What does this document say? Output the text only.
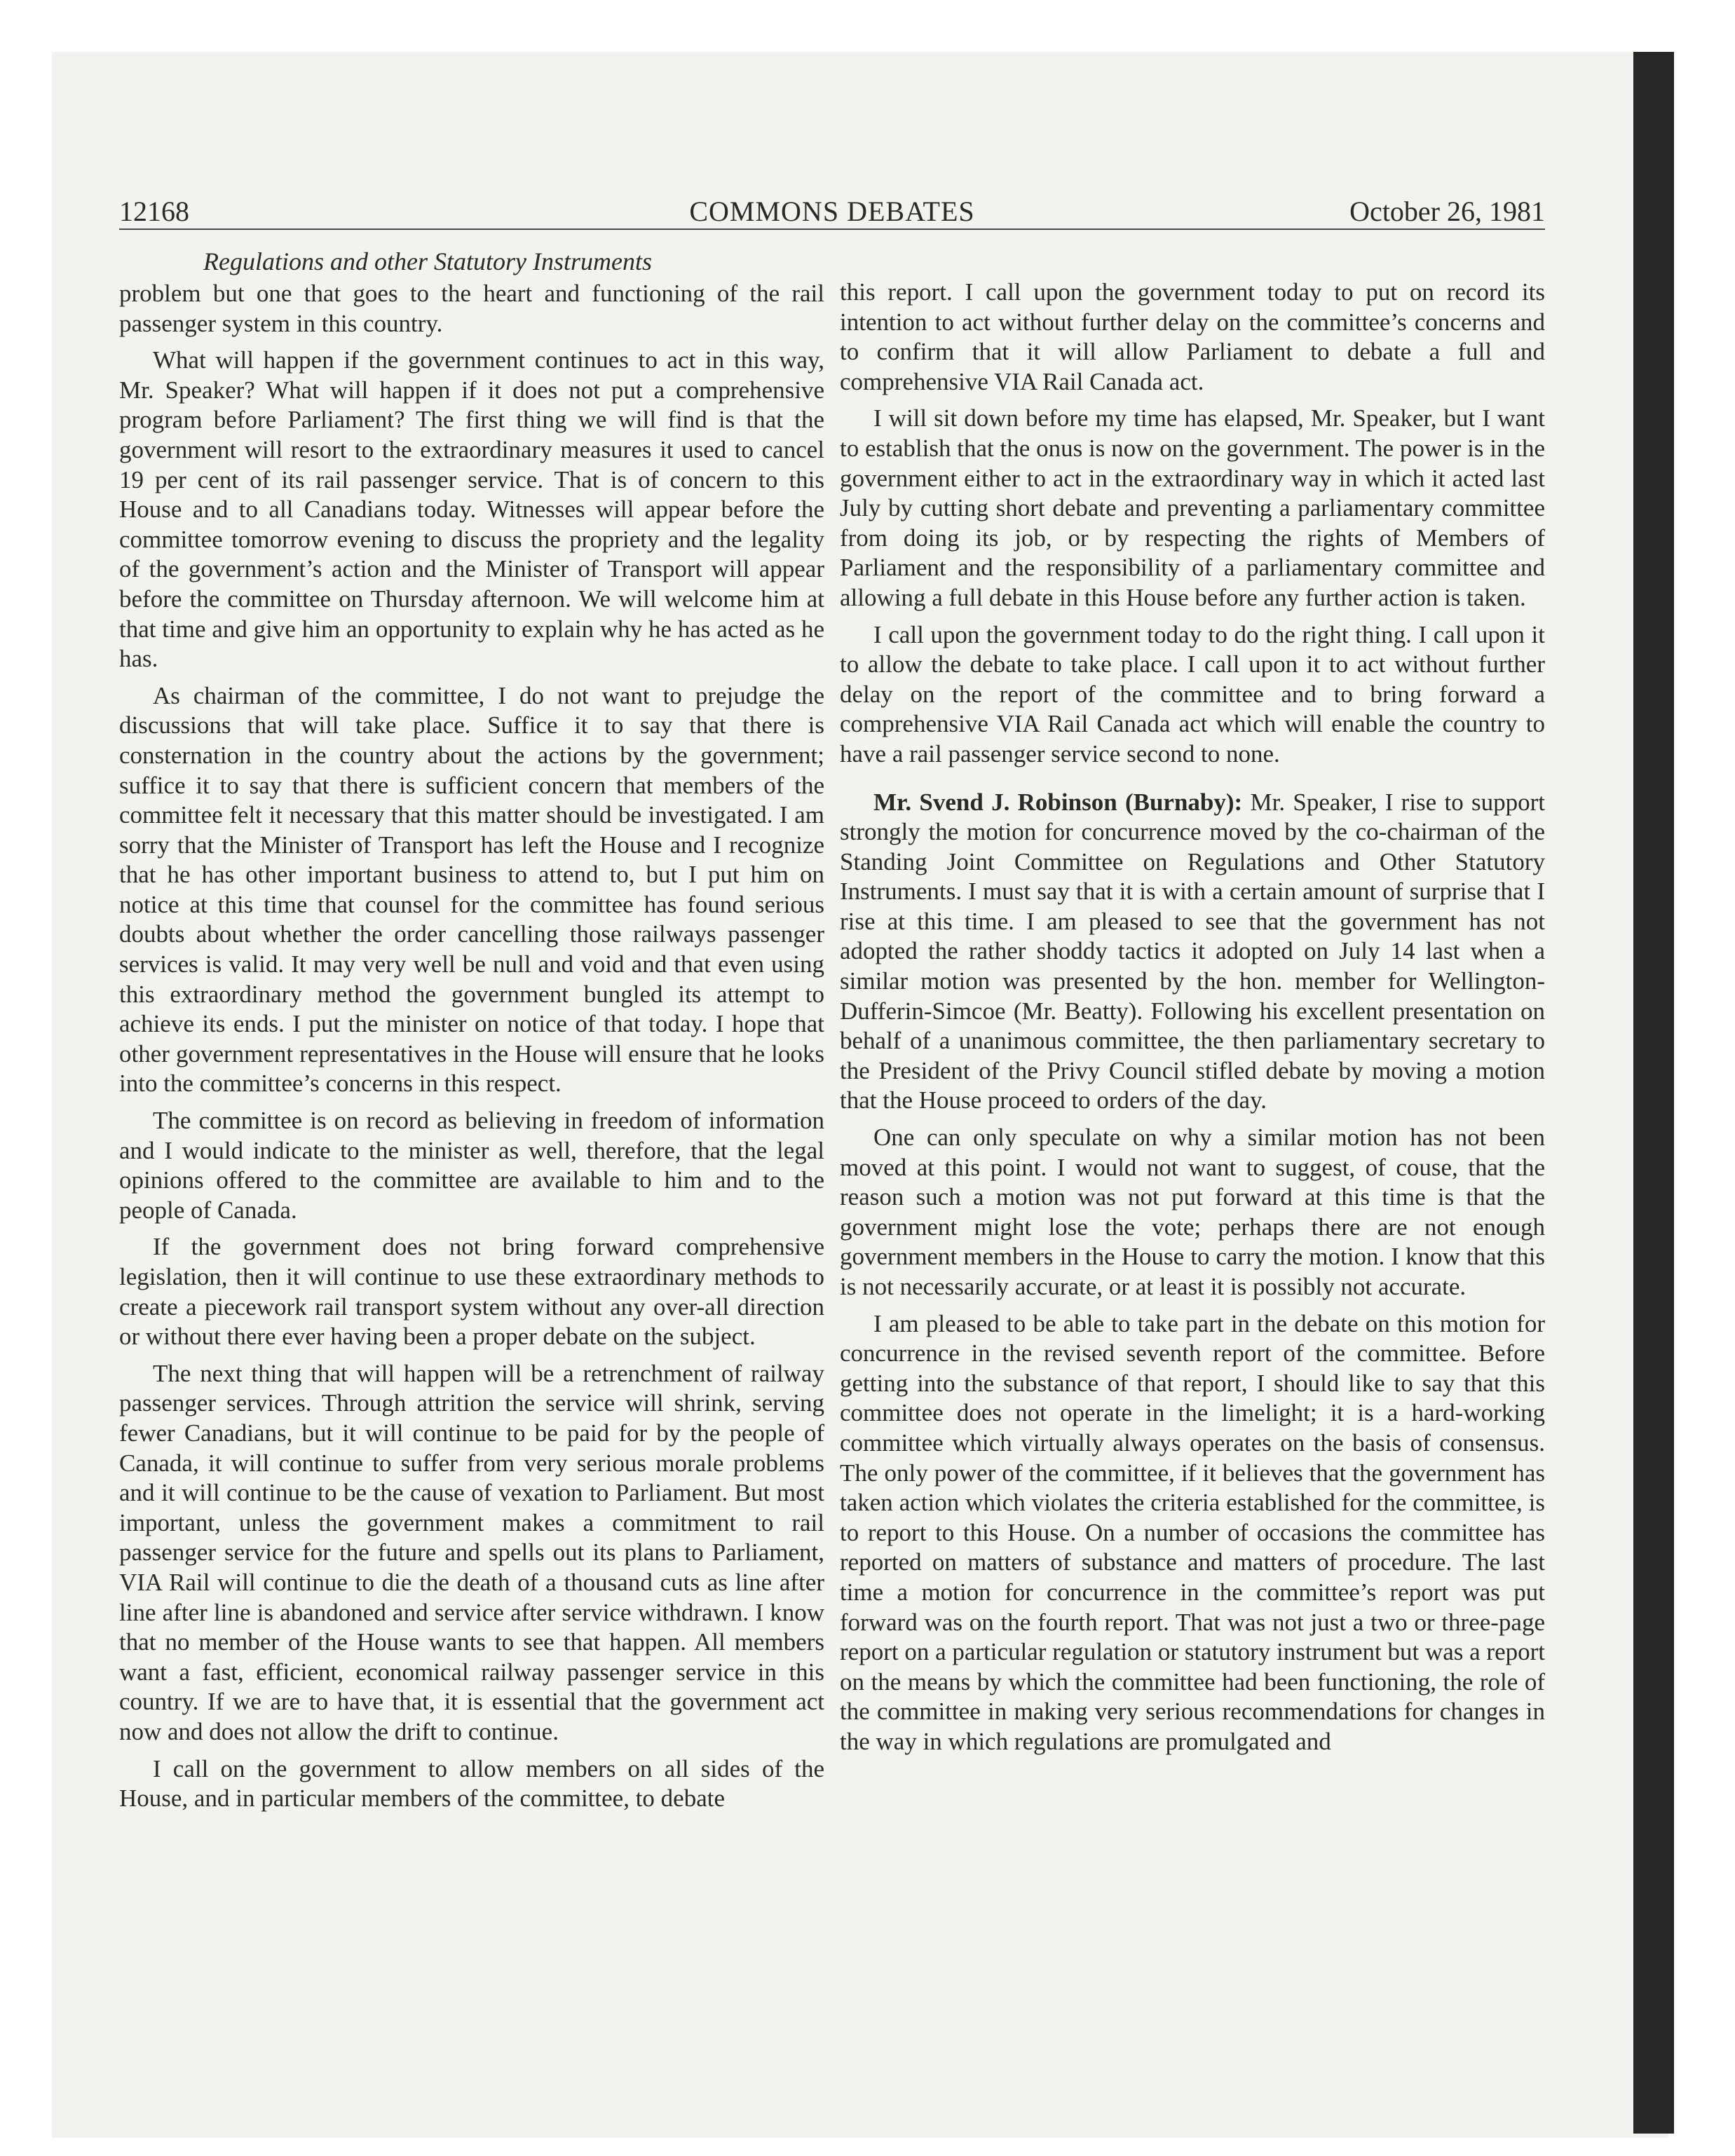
12168	COMMONS DEBATES	October 26, 1981
Regulations and other Statutory Instruments

problem but one that goes to the heart and functioning of the rail passenger system in this country.

What will happen if the government continues to act in this way, Mr. Speaker? What will happen if it does not put a comprehensive program before Parliament? The first thing we will find is that the government will resort to the extraordinary measures it used to cancel 19 per cent of its rail passenger service. That is of concern to this House and to all Canadians today. Witnesses will appear before the committee tomorrow evening to discuss the propriety and the legality of the government’s action and the Minister of Transport will appear before the committee on Thursday afternoon. We will welcome him at that time and give him an opportunity to explain why he has acted as he has.

As chairman of the committee, I do not want to prejudge the discussions that will take place. Suffice it to say that there is consternation in the country about the actions by the government; suffice it to say that there is sufficient concern that members of the committee felt it necessary that this matter should be investigated. I am sorry that the Minister of Transport has left the House and I recognize that he has other important business to attend to, but I put him on notice at this time that counsel for the committee has found serious doubts about whether the order cancelling those railways passenger services is valid. It may very well be null and void and that even using this extraordinary method the government bungled its attempt to achieve its ends. I put the minister on notice of that today. I hope that other government representatives in the House will ensure that he looks into the committee’s concerns in this respect.

The committee is on record as believing in freedom of information and I would indicate to the minister as well, therefore, that the legal opinions offered to the committee are available to him and to the people of Canada.

If the government does not bring forward comprehensive legislation, then it will continue to use these extraordinary methods to create a piecework rail transport system without any over-all direction or without there ever having been a proper debate on the subject.

The next thing that will happen will be a retrenchment of railway passenger services. Through attrition the service will shrink, serving fewer Canadians, but it will continue to be paid for by the people of Canada, it will continue to suffer from very serious morale problems and it will continue to be the cause of vexation to Parliament. But most important, unless the government makes a commitment to rail passenger service for the future and spells out its plans to Parliament, VIA Rail will continue to die the death of a thousand cuts as line after line after line is abandoned and service after service withdrawn. I know that no member of the House wants to see that happen. All members want a fast, efficient, economical railway passenger service in this country. If we are to have that, it is essential that the government act now and does not allow the drift to continue.

I call on the government to allow members on all sides of the House, and in particular members of the committee, to debate

this report. I call upon the government today to put on record its intention to act without further delay on the committee’s concerns and to confirm that it will allow Parliament to debate a full and comprehensive VIA Rail Canada act.

I will sit down before my time has elapsed, Mr. Speaker, but I want to establish that the onus is now on the government. The power is in the government either to act in the extraordinary way in which it acted last July by cutting short debate and preventing a parliamentary committee from doing its job, or by respecting the rights of Members of Parliament and the responsibility of a parliamentary committee and allowing a full debate in this House before any further action is taken.

I call upon the government today to do the right thing. I call upon it to allow the debate to take place. I call upon it to act without further delay on the report of the committee and to bring forward a comprehensive VIA Rail Canada act which will enable the country to have a rail passenger service second to none.

Mr. Svend J. Robinson (Burnaby): Mr. Speaker, I rise to support strongly the motion for concurrence moved by the co-chairman of the Standing Joint Committee on Regulations and Other Statutory Instruments. I must say that it is with a certain amount of surprise that I rise at this time. I am pleased to see that the government has not adopted the rather shoddy tactics it adopted on July 14 last when a similar motion was presented by the hon. member for Wellington-Dufferin-Simcoe (Mr. Beatty). Following his excellent presentation on behalf of a unanimous committee, the then parliamentary secretary to the President of the Privy Council stifled debate by moving a motion that the House proceed to orders of the day.

One can only speculate on why a similar motion has not been moved at this point. I would not want to suggest, of couse, that the reason such a motion was not put forward at this time is that the government might lose the vote; perhaps there are not enough government members in the House to carry the motion. I know that this is not necessarily accurate, or at least it is possibly not accurate.

I am pleased to be able to take part in the debate on this motion for concurrence in the revised seventh report of the committee. Before getting into the substance of that report, I should like to say that this committee does not operate in the limelight; it is a hard-working committee which virtually always operates on the basis of consensus. The only power of the committee, if it believes that the government has taken action which violates the criteria established for the committee, is to report to this House. On a number of occasions the committee has reported on matters of substance and matters of procedure. The last time a motion for concurrence in the committee’s report was put forward was on the fourth report. That was not just a two or three-page report on a particular regulation or statutory instrument but was a report on the means by which the committee had been functioning, the role of the committee in making very serious recommendations for changes in the way in which regulations are promulgated and
